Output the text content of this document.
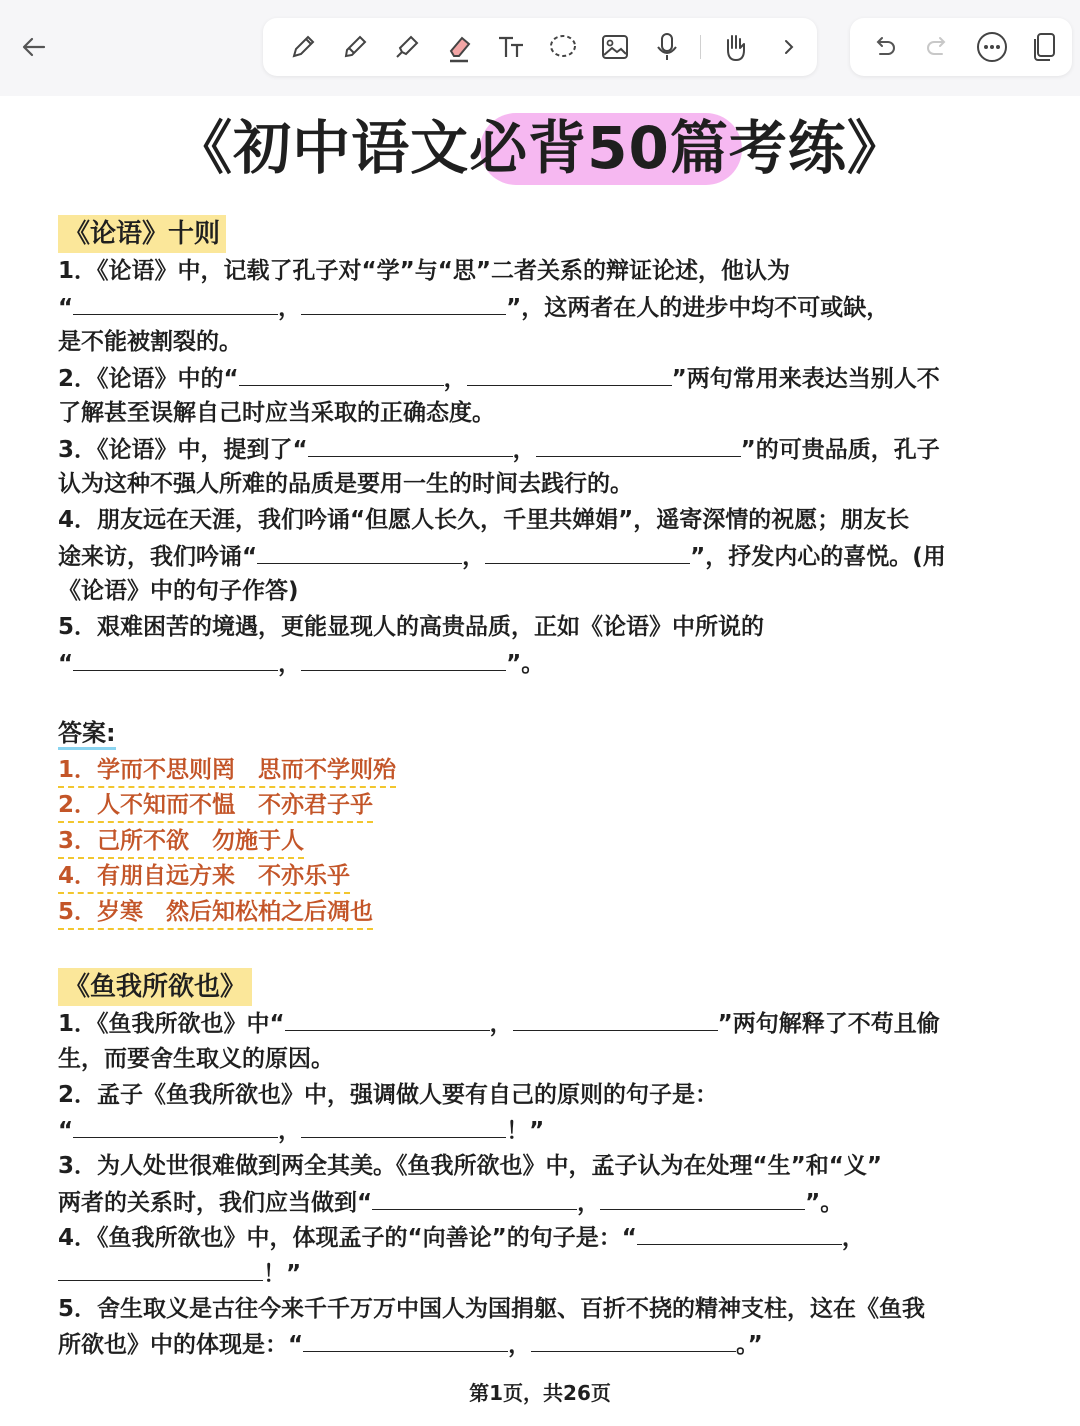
《初中语文必背50篇考练》
《论语》十则
1．《论语》中，记载了孔子对“学”与“思”二者关系的辩证论述，他认为
“	，	”，这两者在人的进步中均不可或缺，
是不能被割裂的。
2．《论语》中的“	，	”两句常用来表达当别人不
了解甚至误解自己时应当采取的正确态度。
3．《论语》中，提到了“	，	”的可贵品质，孔子
认为这种不强人所难的品质是要用一生的时间去践行的。
4．朋友远在天涯，我们吟诵“但愿人长久，千里共婵娟”，遥寄深情的祝愿；朋友长
途来访，我们吟诵“	，	”，抒发内心的喜悦。(用
《论语》中的句子作答)
5．艰难困苦的境遇，更能显现人的高贵品质，正如《论语》中所说的
“	，	”。
答案:
1．学而不思则罔　思而不学则殆
2．人不知而不愠　不亦君子乎
3．己所不欲　勿施于人
4．有朋自远方来　不亦乐乎
5．岁寒　然后知松柏之后凋也
《鱼我所欲也》
1．《鱼我所欲也》中“	，	”两句解释了不苟且偷
生，而要舍生取义的原因。
2．孟子《鱼我所欲也》中，强调做人要有自己的原则的句子是：
“	，	！”
3．为人处世很难做到两全其美。《鱼我所欲也》中，孟子认为在处理“生”和“义”
两者的关系时，我们应当做到“	，	”。
4．《鱼我所欲也》中，体现孟子的“向善论”的句子是：“	，
！”
5．舍生取义是古往今来千千万万中国人为国捐躯、百折不挠的精神支柱，这在《鱼我
所欲也》中的体现是：“	，	。”
第1页，共26页
